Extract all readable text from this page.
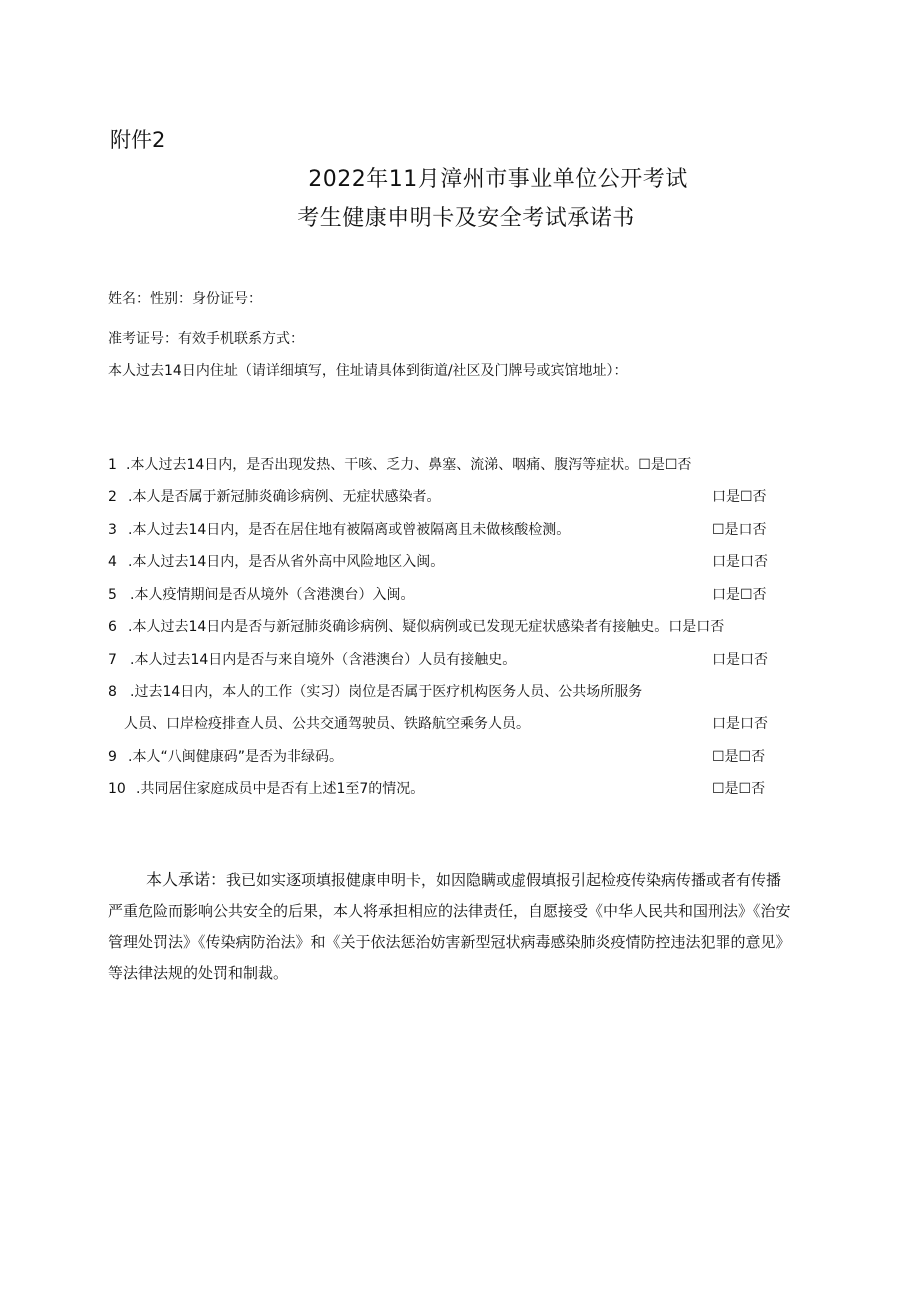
附件2
2022年11月漳州市事业单位公开考试
考生健康申明卡及安全考试承诺书
姓名：性别：身份证号：
准考证号：有效手机联系方式：
本人过去14日内住址（请详细填写，住址请具体到街道/社区及门牌号或宾馆地址）：
1 .本人过去14日内，是否出现发热、干咳、乏力、鼻塞、流涕、咽痛、腹泻等症状。☐是☐否
2 .本人是否属于新冠肺炎确诊病例、无症状感染者。	口是☐否
3 .本人过去14日内，是否在居住地有被隔离或曾被隔离且未做核酸检测。	☐是口否
4 .本人过去14日内，是否从省外高中风险地区入闽。	口是口否
5 .本人疫情期间是否从境外（含港澳台）入闽。	口是☐否
6 .本人过去14日内是否与新冠肺炎确诊病例、疑似病例或已发现无症状感染者有接触史。口是口否
7 .本人过去14日内是否与来自境外（含港澳台）人员有接触史。	口是口否
8 .过去14日内，本人的工作（实习）岗位是否属于医疗机构医务人员、公共场所服务
人员、口岸检疫排查人员、公共交通驾驶员、铁路航空乘务人员。	口是口否
9 .本人“八闽健康码”是否为非绿码。	☐是☐否
10 .共同居住家庭成员中是否有上述1至7的情况。	☐是☐否
本人承诺：我已如实逐项填报健康申明卡，如因隐瞒或虚假填报引起检疫传染病传播或者有传播
严重危险而影响公共安全的后果，本人将承担相应的法律责任，自愿接受《中华人民共和国刑法》《治安
管理处罚法》《传染病防治法》和《关于依法惩治妨害新型冠状病毒感染肺炎疫情防控违法犯罪的意见》
等法律法规的处罚和制裁。
